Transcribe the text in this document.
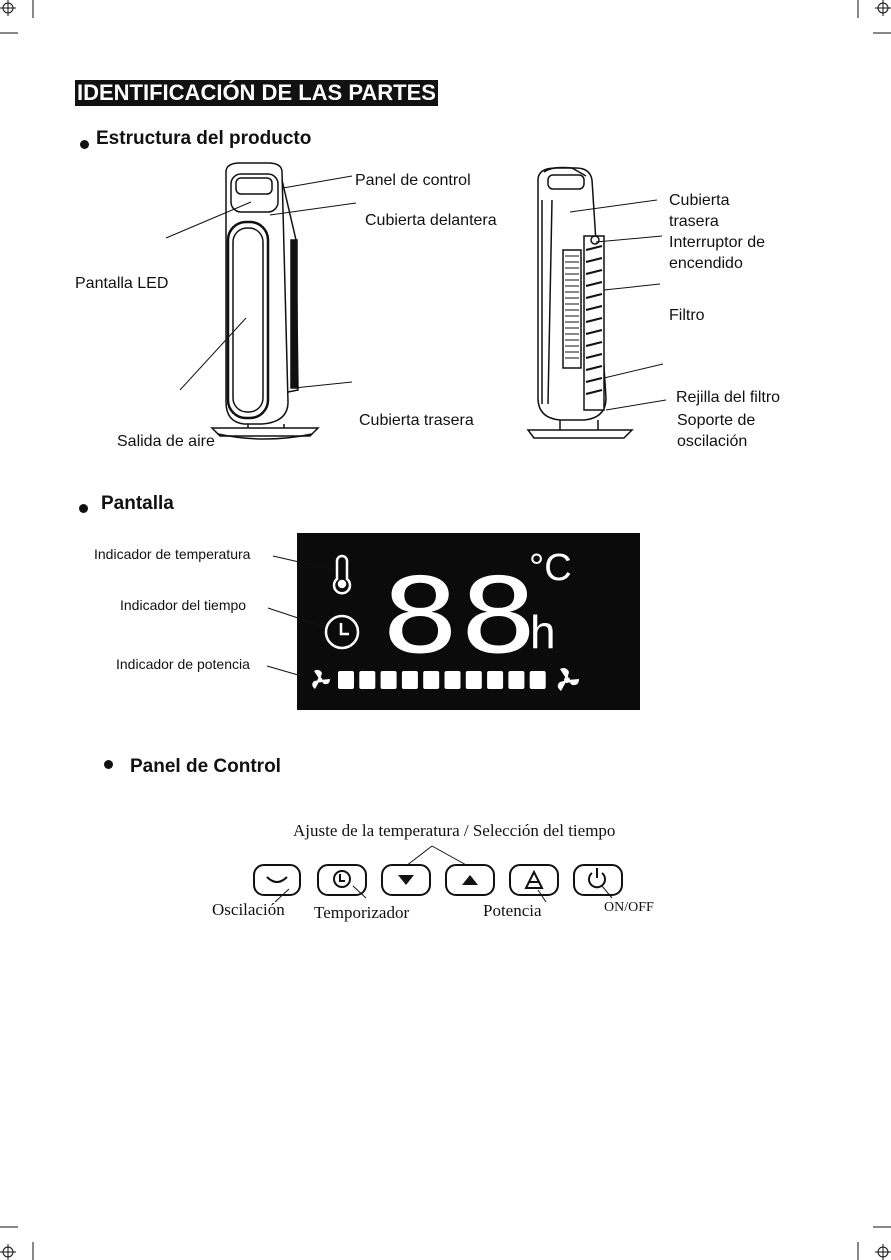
IDENTIFICACIÓN DE LAS PARTES
Estructura del producto
Panel de control
Cubierta delantera
Pantalla LED
Cubierta trasera
Salida de aire
Cubierta trasera
Interruptor de encendido
Filtro
Rejilla del filtro
Soporte de oscilación
Pantalla
Indicador de temperatura
Indicador del tiempo
Indicador de potencia 88
°C
h
Panel de Control
Ajuste de la temperatura / Selección del tiempo
Oscilación Temporizador	Potencia	ON/OFF
